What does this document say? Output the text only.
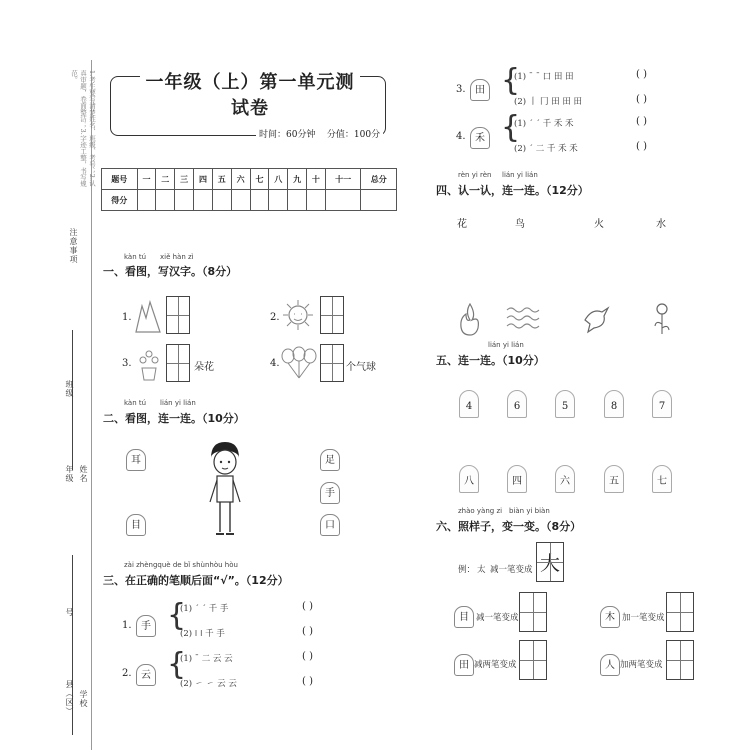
1.考生要写清楚姓名、班级、考号；2.认真审题，卷面整洁；3.字迹工整，书写规范。
注意事项
班级
年级 姓名
号
县（区） 学校
一年级（上）第一单元测试卷
时间：60分钟 分值：100分
题号	一	二	三	四	五	六	七	八	九	十	十一	总分
得分												
kàn tú xiě hàn zì
一、看图，写汉字。（8分）
1.	2.
3.	朵花	4.	个气球
kàn tú lián yi lián
二、看图，连一连。（10分）
耳
目
足
手
口
zài zhèngquè de bǐ shùnhòu hòu
三、在正确的笔顺后面“√”。（12分）
1. 手 {
(1) ˊ ˊ 千 手
(2) ǀ ǀ 千 手
( )
( )
2. 云 {
(1) ˉ 二 云 云
(2) ㇀ ㇀ 云 云
( )
( )
3. 田 {
(1) ˉ ˉ 口 田 田
(2) 丨 冂 田 田 田
( )
( )
4. 禾 {
(1) ˊ ˊ 千 禾 禾
(2) ˊ 二 千 禾 禾
( )
( )
rèn yi rèn lián yi lián
四、认一认，连一连。（12分）
花	鸟	火	水
lián yi lián
五、连一连。（10分）
4	6	5	8	7
八	四	六	五	七
zhào yàng zi biàn yi biàn
六、照样子，变一变。（8分）
例： 太 减一笔变成 大
目 减一笔变成	木 加一笔变成
田 减两笔变成	人 加两笔变成
